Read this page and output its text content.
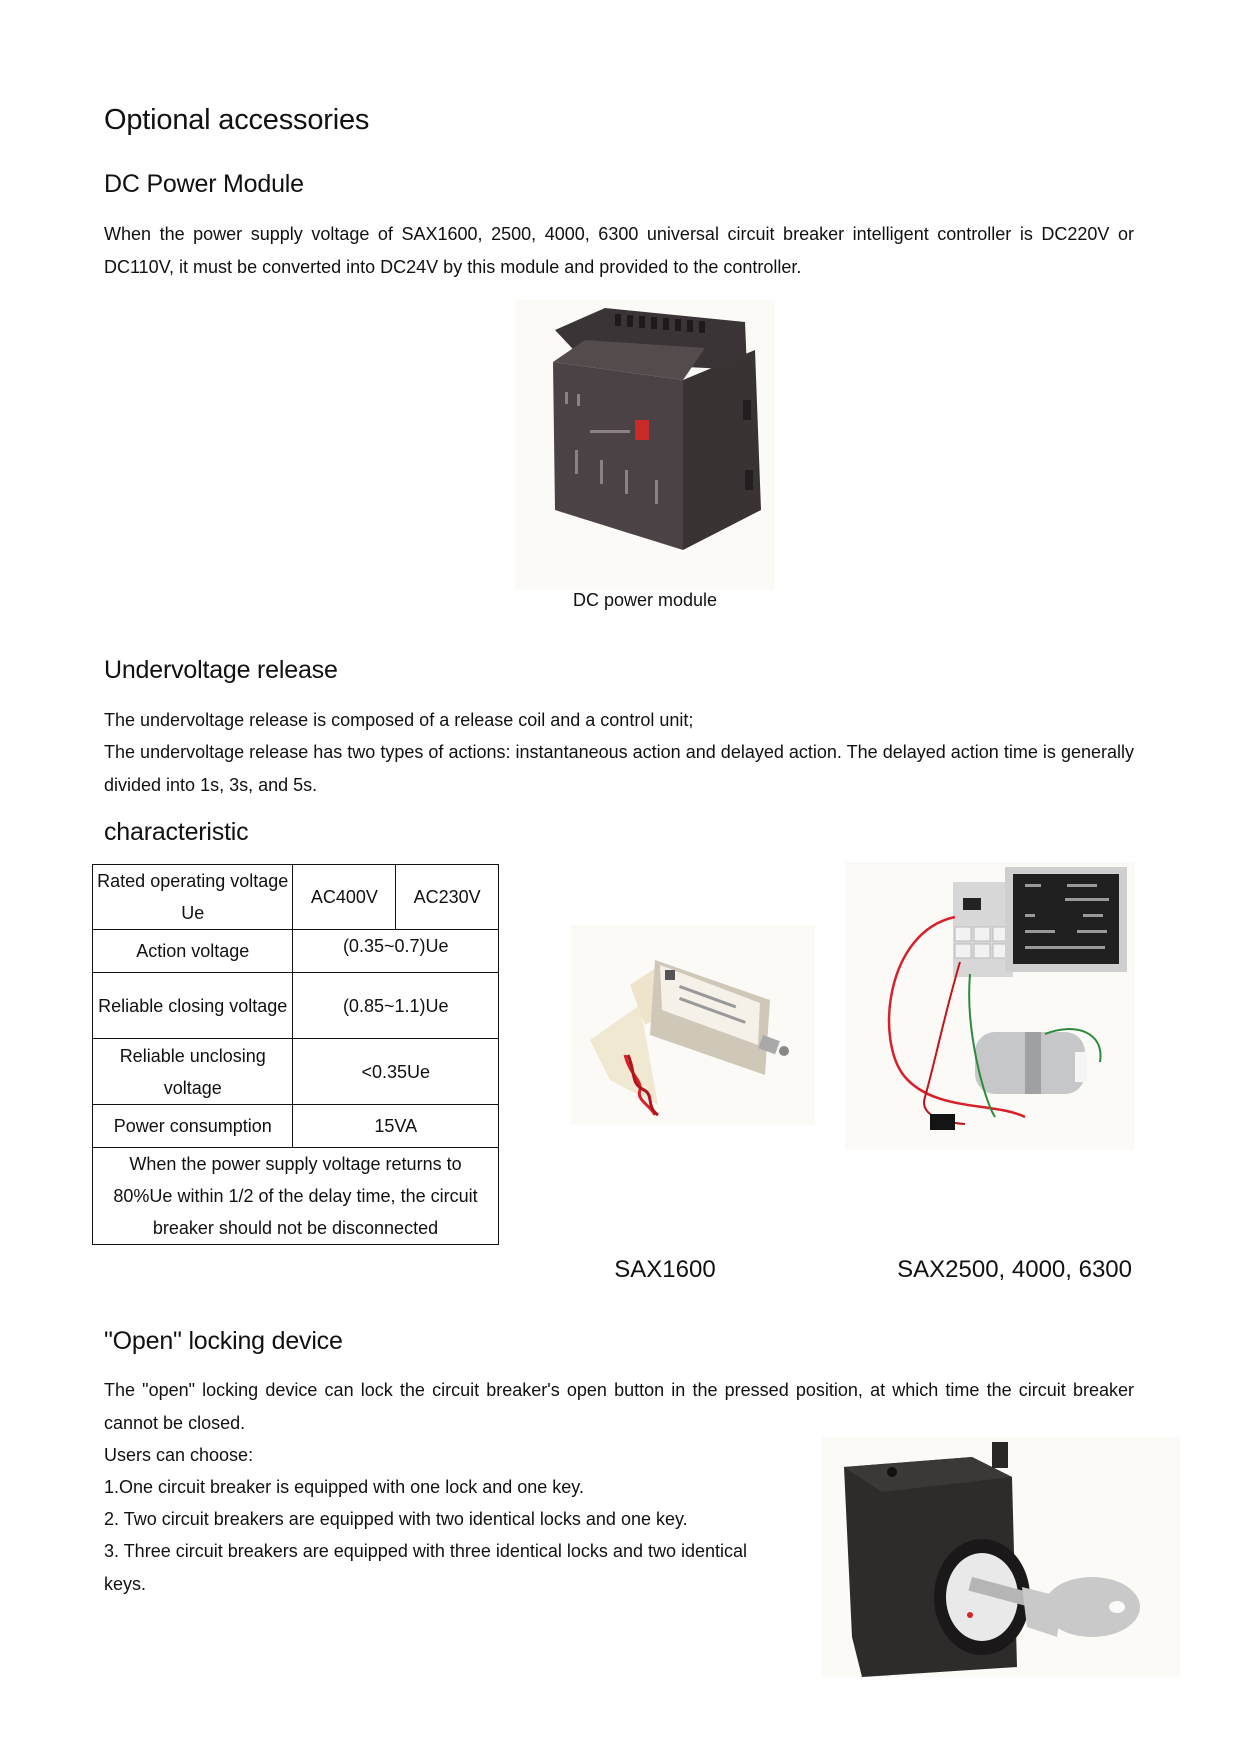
Optional accessories
DC Power Module

When the power supply voltage of SAX1600, 2500, 4000, 6300 universal circuit breaker intelligent controller is DC220V or DC110V, it must be converted into DC24V by this module and provided to the controller.

DC power module
Undervoltage release

The undervoltage release is composed of a release coil and a control unit;

The undervoltage release has two types of actions: instantaneous action and delayed action. The delayed action time is generally divided into 1s, 3s, and 5s.

characteristic
Rated operating voltage Ue	AC400V	AC230V
Action voltage	(0.35~0.7)Ue	
Reliable closing voltage	(0.85~1.1)Ue	
Reliable unclosing voltage	<0.35Ue	
Power consumption	15VA	
When the power supply voltage returns to 80%Ue within 1/2 of the delay time, the circuit breaker should not be disconnected		
SAX1600	SAX2500, 4000, 6300
"Open" locking device

The "open" locking device can lock the circuit breaker's open button in the pressed position, at which time the circuit breaker cannot be closed.

Users can choose:

1.One circuit breaker is equipped with one lock and one key.

2. Two circuit breakers are equipped with two identical locks and one key.

3. Three circuit breakers are equipped with three identical locks and two identical keys.
